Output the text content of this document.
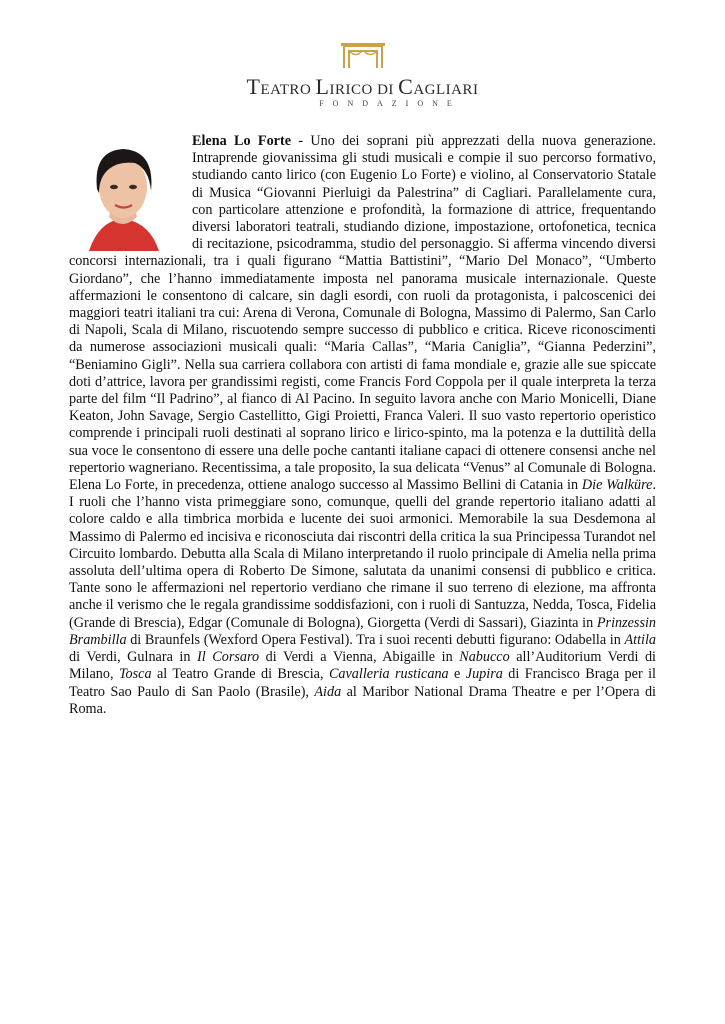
TEATRO LIRICO DI CAGLIARI
FONDAZIONE
Elena Lo Forte - Uno dei soprani più apprezzati della nuova generazione. Intraprende giovanissima gli studi musicali e compie il suo percorso formativo, studiando canto lirico (con Eugenio Lo Forte) e violino, al Conservatorio Statale di Musica “Giovanni Pierluigi da Palestrina” di Cagliari. Parallelamente cura, con particolare attenzione e profondità, la formazione di attrice, frequentando diversi laboratori teatrali, studiando dizione, impostazione, ortofonetica, tecnica di recitazione, psicodramma, studio del personaggio. Si afferma vincendo diversi concorsi internazionali, tra i quali figurano “Mattia Battistini”, “Mario Del Monaco”, “Umberto Giordano”, che l’hanno immediatamente imposta nel panorama musicale internazionale. Queste affermazioni le consentono di calcare, sin dagli esordi, con ruoli da protagonista, i palcoscenici dei maggiori teatri italiani tra cui: Arena di Verona, Comunale di Bologna, Massimo di Palermo, San Carlo di Napoli, Scala di Milano, riscuotendo sempre successo di pubblico e critica. Riceve riconoscimenti da numerose associazioni musicali quali: “Maria Callas”, “Maria Caniglia”, “Gianna Pederzini”, “Beniamino Gigli”. Nella sua carriera collabora con artisti di fama mondiale e, grazie alle sue spiccate doti d’attrice, lavora per grandissimi registi, come Francis Ford Coppola per il quale interpreta la terza parte del film “Il Padrino”, al fianco di Al Pacino. In seguito lavora anche con Mario Monicelli, Diane Keaton, John Savage, Sergio Castellitto, Gigi Proietti, Franca Valeri. Il suo vasto repertorio operistico comprende i principali ruoli destinati al soprano lirico e lirico-spinto, ma la potenza e la duttilità della sua voce le consentono di essere una delle poche cantanti italiane capaci di ottenere consensi anche nel repertorio wagneriano. Recentissima, a tale proposito, la sua delicata “Venus” al Comunale di Bologna. Elena Lo Forte, in precedenza, ottiene analogo successo al Massimo Bellini di Catania in Die Walküre. I ruoli che l’hanno vista primeggiare sono, comunque, quelli del grande repertorio italiano adatti al colore caldo e alla timbrica morbida e lucente dei suoi armonici. Memorabile la sua Desdemona al Massimo di Palermo ed incisiva e riconosciuta dai riscontri della critica la sua Principessa Turandot nel Circuito lombardo. Debutta alla Scala di Milano interpretando il ruolo principale di Amelia nella prima assoluta dell’ultima opera di Roberto De Simone, salutata da unanimi consensi di pubblico e critica. Tante sono le affermazioni nel repertorio verdiano che rimane il suo terreno di elezione, ma affronta anche il verismo che le regala grandissime soddisfazioni, con i ruoli di Santuzza, Nedda, Tosca, Fidelia (Grande di Brescia), Edgar (Comunale di Bologna), Giorgetta (Verdi di Sassari), Giazinta in Prinzessin Brambilla di Braunfels (Wexford Opera Festival). Tra i suoi recenti debutti figurano: Odabella in Attila di Verdi, Gulnara in Il Corsaro di Verdi a Vienna, Abigaille in Nabucco all’Auditorium Verdi di Milano, Tosca al Teatro Grande di Brescia, Cavalleria rusticana e Jupira di Francisco Braga per il Teatro Sao Paulo di San Paolo (Brasile), Aida al Maribor National Drama Theatre e per l’Opera di Roma.
